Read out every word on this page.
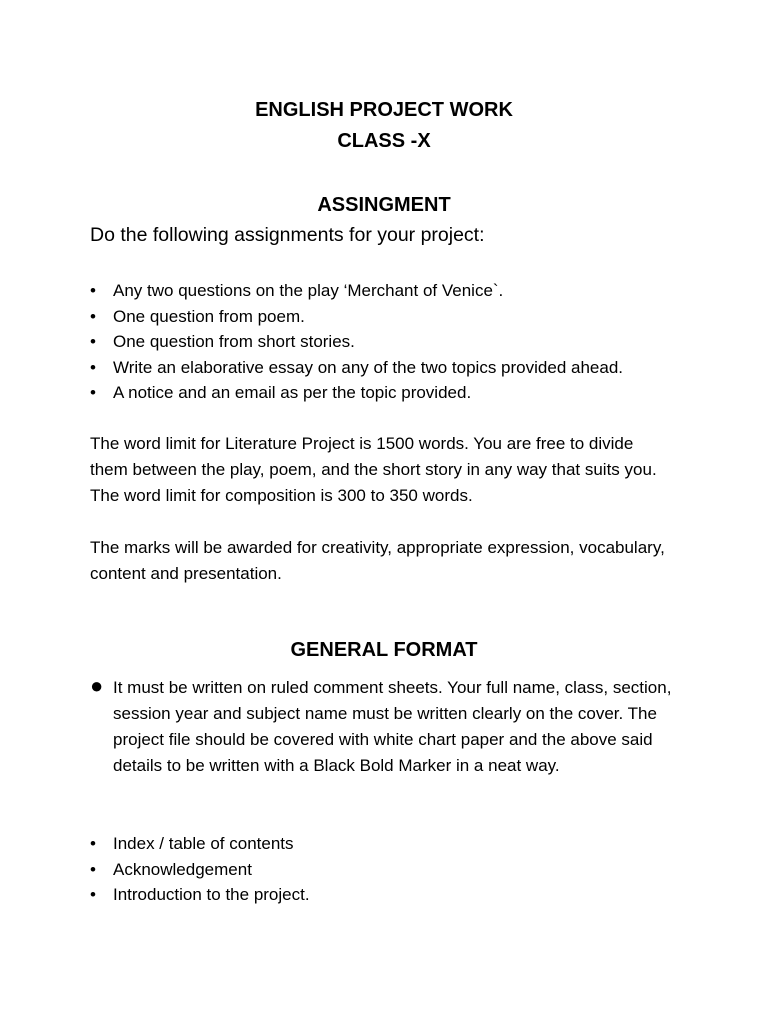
ENGLISH PROJECT WORK
CLASS -X
ASSINGMENT

Do the following assignments for your project:

•	Any two questions on the play ‘Merchant of Venice`.
•	One question from poem.
•	One question from short stories.
•	Write an elaborative essay on any of the two topics provided ahead.
•	A notice and an email as per the topic provided.

The word limit for Literature Project is 1500 words. You are free to divide them between the play, poem, and the short story in any way that suits you. The word limit for composition is 300 to 350 words.

The marks will be awarded for creativity, appropriate expression, vocabulary, content and presentation.

GENERAL FORMAT
● It must be written on ruled comment sheets. Your full name, class, section, session year and subject name must be written clearly on the cover. The project file should be covered with white chart paper and the above said details to be written with a Black Bold Marker in a neat way.
•	Index / table of contents
•	Acknowledgement
•	Introduction to the project.
